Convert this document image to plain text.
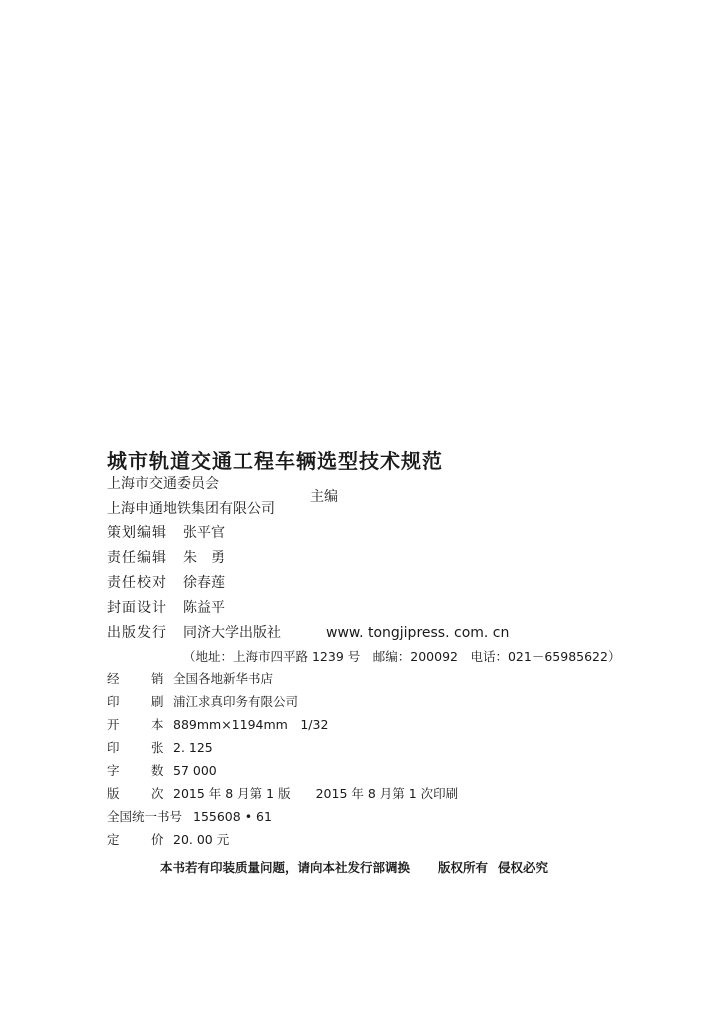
城市轨道交通工程车辆选型技术规范
上海市交通委员会
主编
上海申通地铁集团有限公司
策划编辑 张平官
责任编辑 朱　勇
责任校对 徐春莲
封面设计 陈益平
出版发行 同济大学出版社	www. tongjipress. com. cn
（地址：上海市四平路 1239 号　邮编：200092　电话：021－65985622）
经	销 全国各地新华书店
印	刷 浦江求真印务有限公司
开	本 889mm×1194mm　1/32
印	张 2. 125
字	数 57 000
版	次 2015 年 8 月第 1 版　　2015 年 8 月第 1 次印刷
全国统一书号 155608 • 61
定	价 20. 00 元
本书若有印装质量问题，请向本社发行部调换 版权所有 侵权必究
